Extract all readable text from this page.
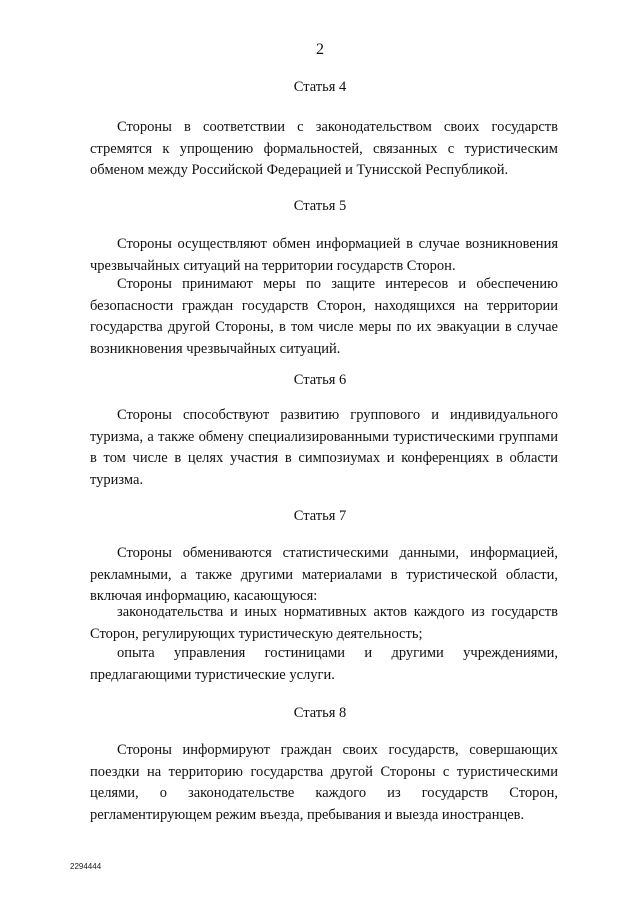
2
Статья 4

Стороны в соответствии с законодательством своих государств стремятся к упрощению формальностей, связанных с туристическим обменом между Российской Федерацией и Тунисской Республикой.

Статья 5

Стороны осуществляют обмен информацией в случае возникновения чрезвычайных ситуаций на территории государств Сторон.

Стороны принимают меры по защите интересов и обеспечению безопасности граждан государств Сторон, находящихся на территории государства другой Стороны, в том числе меры по их эвакуации в случае возникновения чрезвычайных ситуаций.

Статья 6

Стороны способствуют развитию группового и индивидуального туризма, а также обмену специализированными туристическими группами в том числе в целях участия в симпозиумах и конференциях в области туризма.

Статья 7

Стороны обмениваются статистическими данными, информацией, рекламными, а также другими материалами в туристической области, включая информацию, касающуюся:

законодательства и иных нормативных актов каждого из государств Сторон, регулирующих туристическую деятельность;

опыта управления гостиницами и другими учреждениями, предлагающими туристические услуги.

Статья 8

Стороны информируют граждан своих государств, совершающих поездки на территорию государства другой Стороны с туристическими целями, о законодательстве каждого из государств Сторон, регламентирующем режим въезда, пребывания и выезда иностранцев.

2294444
